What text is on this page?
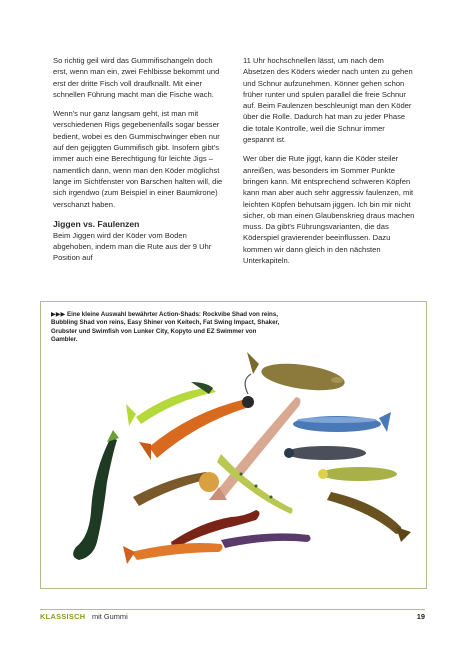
So richtig geil wird das Gummifischangeln doch erst, wenn man ein, zwei Fehlbisse bekommt und erst der dritte Fisch voll draufknallt. Mit einer schnellen Führung macht man die Fische wach.

Wenn's nur ganz langsam geht, ist man mit verschiedenen Rigs gegebenenfalls sogar besser bedient, wobei es den Gummischwinger eben nur auf den gejiggten Gummifisch gibt. Insofern gibt's immer auch eine Berechtigung für leichte Jigs – namentlich dann, wenn man den Köder möglichst lange im Sichtfenster von Barschen halten will, die sich irgendwo (zum Beispiel in einer Baumkrone) verschanzt haben.

Jiggen vs. Faulenzen

Beim Jiggen wird der Köder vom Boden abgehoben, indem man die Rute aus der 9 Uhr Position auf

11 Uhr hochschnellen lässt, um nach dem Absetzen des Köders wieder nach unten zu gehen und Schnur aufzunehmen. Könner gehen schon früher runter und spulen parallel die freie Schnur auf. Beim Faulenzen beschleunigt man den Köder über die Rolle. Dadurch hat man zu jeder Phase die totale Kontrolle, weil die Schnur immer gespannt ist.

Wer über die Rute jiggt, kann die Köder steiler anreißen, was besonders im Sommer Punkte bringen kann. Mit entsprechend schweren Köpfen kann man aber auch sehr aggressiv faulenzen, mit leichten Köpfen behutsam jiggen. Ich bin mir nicht sicher, ob man einen Glaubenskrieg draus machen muss. Da gibt's Führungsvarianten, die das Köderspiel gravierender beeinflussen. Dazu kommen wir dann gleich in den nächsten Unterkapiteln.

▶▶▶ Eine kleine Auswahl bewährter Action-Shads: Rockvibe Shad von reins, Bubbling Shad von reins, Easy Shiner von Keitech, Fat Swing Impact, Shaker, Grubster und Swimfish von Lunker City, Kopyto und EZ Swimmer von Gambler.
KLASSISCH mit Gummi	19
